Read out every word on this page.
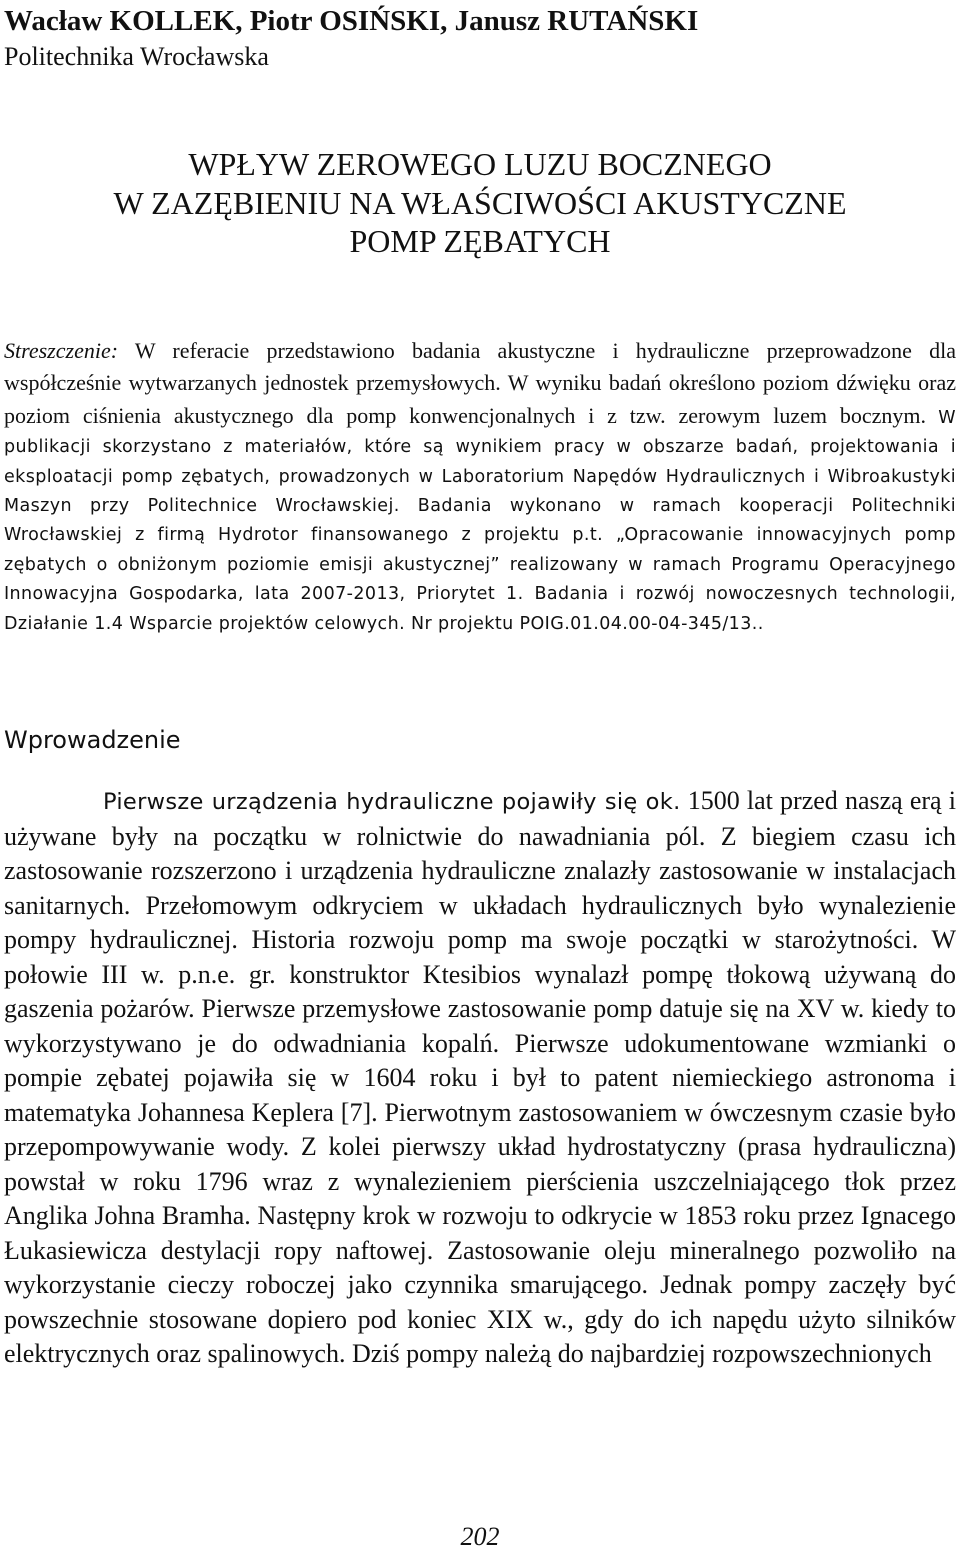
Wacław KOLLEK, Piotr OSIŃSKI, Janusz RUTAŃSKI
Politechnika Wrocławska
WPŁYW ZEROWEGO LUZU BOCZNEGO
W ZAZĘBIENIU NA WŁAŚCIWOŚCI AKUSTYCZNE
POMP ZĘBATYCH

Streszczenie: W referacie przedstawiono badania akustyczne i hydrauliczne przeprowadzone dla współcześnie wytwarzanych jednostek przemysłowych. W wyniku badań określono poziom dźwięku oraz poziom ciśnienia akustycznego dla pomp konwencjonalnych i z tzw. zerowym luzem bocznym. W publikacji skorzystano z materiałów, które są wynikiem pracy w obszarze badań, projektowania i eksploatacji pomp zębatych, prowadzonych w Laboratorium Napędów Hydraulicznych i Wibroakustyki Maszyn przy Politechnice Wrocławskiej. Badania wykonano w ramach kooperacji Politechniki Wrocławskiej z firmą Hydrotor finansowanego z projektu p.t. „Opracowanie innowacyjnych pomp zębatych o obniżonym poziomie emisji akustycznej” realizowany w ramach Programu Operacyjnego Innowacyjna Gospodarka, lata 2007-2013, Priorytet 1. Badania i rozwój nowoczesnych technologii, Działanie 1.4 Wsparcie projektów celowych. Nr projektu POIG.01.04.00-04-345/13..

Wprowadzenie

Pierwsze urządzenia hydrauliczne pojawiły się ok. 1500 lat przed naszą erą i używane były na początku w rolnictwie do nawadniania pól. Z biegiem czasu ich zastosowanie rozszerzono i urządzenia hydrauliczne znalazły zastosowanie w instalacjach sanitarnych. Przełomowym odkryciem w układach hydraulicznych było wynalezienie pompy hydraulicznej. Historia rozwoju pomp ma swoje początki w starożytności. W połowie III w. p.n.e. gr. konstruktor Ktesibios wynalazł pompę tłokową używaną do gaszenia pożarów. Pierwsze przemysłowe zastosowanie pomp datuje się na XV w. kiedy to wykorzystywano je do odwadniania kopalń. Pierwsze udokumentowane wzmianki o pompie zębatej pojawiła się w 1604 roku i był to patent niemieckiego astronoma i matematyka Johannesa Keplera [7]. Pierwotnym zastosowaniem w ówczesnym czasie było przepompowywanie wody. Z kolei pierwszy układ hydrostatyczny (prasa hydrauliczna) powstał w roku 1796 wraz z wynalezieniem pierścienia uszczelniającego tłok przez Anglika Johna Bramha. Następny krok w rozwoju to odkrycie w 1853 roku przez Ignacego Łukasiewicza destylacji ropy naftowej. Zastosowanie oleju mineralnego pozwoliło na wykorzystanie cieczy roboczej jako czynnika smarującego. Jednak pompy zaczęły być powszechnie stosowane dopiero pod koniec XIX w., gdy do ich napędu użyto silników elektrycznych oraz spalinowych. Dziś pompy należą do najbardziej rozpowszechnionych

202
